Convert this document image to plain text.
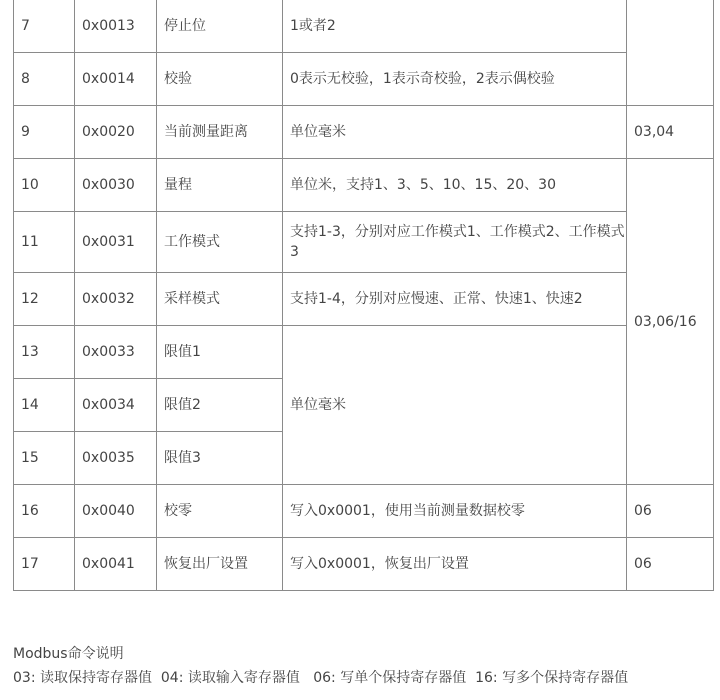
7	0x0013	停止位	1或者2	
8	0x0014	校验	0表示无校验，1表示奇校验，2表示偶校验	
9	0x0020	当前测量距离	单位毫米	03,04
10	0x0030	量程	单位米，支持1、3、5、10、15、20、30	03,06/16
11	0x0031	工作模式	支持1-3，分别对应工作模式1、工作模式2、工作模式3	
12	0x0032	采样模式	支持1-4，分别对应慢速、正常、快速1、快速2	
13	0x0033	限值1	单位毫米	
14	0x0034	限值2		
15	0x0035	限值3		
16	0x0040	校零	写入0x0001，使用当前测量数据校零	06
17	0x0041	恢复出厂设置	写入0x0001，恢复出厂设置	06
Modbus命令说明
03: 读取保持寄存器值  04: 读取输入寄存器值   06: 写单个保持寄存器值  16: 写多个保持寄存器值
